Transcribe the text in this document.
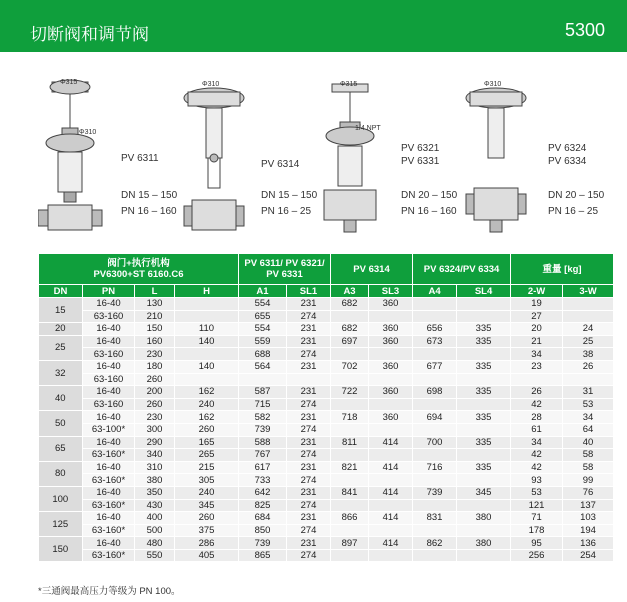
切断阀和调节阀	5300
Φ315
Φ310
PV 6311
DN 15 – 150
PN 16 – 160
Φ310
PV 6314
DN 15 – 150
PN 16 – 25
Φ315
1/4 NPT
PV 6321
PV 6331
DN 20 – 150
PN 16 – 160
Φ310
PV 6324
PV 6334
DN 20 – 150
PN 16 – 25
阀门+执行机构
PV6300+ST 6160.C6				PV 6311/ PV 6321/
PV 6331		PV 6314		PV 6324/PV 6334		重量 [kg]	
DN	PN	L	H	A1	SL1	A3	SL3	A4	SL4	2-W	3-W
15	16-40	130		554	231	682	360			19	
	63-160	210		655	274					27	
20	16-40	150	110	554	231	682	360	656	335	20	24
25	16-40	160	140	559	231	697	360	673	335	21	25
	63-160	230		688	274					34	38
32	16-40	180	140	564	231	702	360	677	335	23	26
	63-160	260									
40	16-40	200	162	587	231	722	360	698	335	26	31
	63-160	260	240	715	274					42	53
50	16-40	230	162	582	231	718	360	694	335	28	34
	63-100*	300	260	739	274					61	64
65	16-40	290	165	588	231	811	414	700	335	34	40
	63-160*	340	265	767	274					42	58
80	16-40	310	215	617	231	821	414	716	335	42	58
	63-160*	380	305	733	274					93	99
100	16-40	350	240	642	231	841	414	739	345	53	76
	63-160*	430	345	825	274					121	137
125	16-40	400	260	684	231	866	414	831	380	71	103
	63-160*	500	375	850	274					178	194
150	16-40	480	286	739	231	897	414	862	380	95	136
	63-160*	550	405	865	274					256	254
*三通阀最高压力等级为 PN 100。
